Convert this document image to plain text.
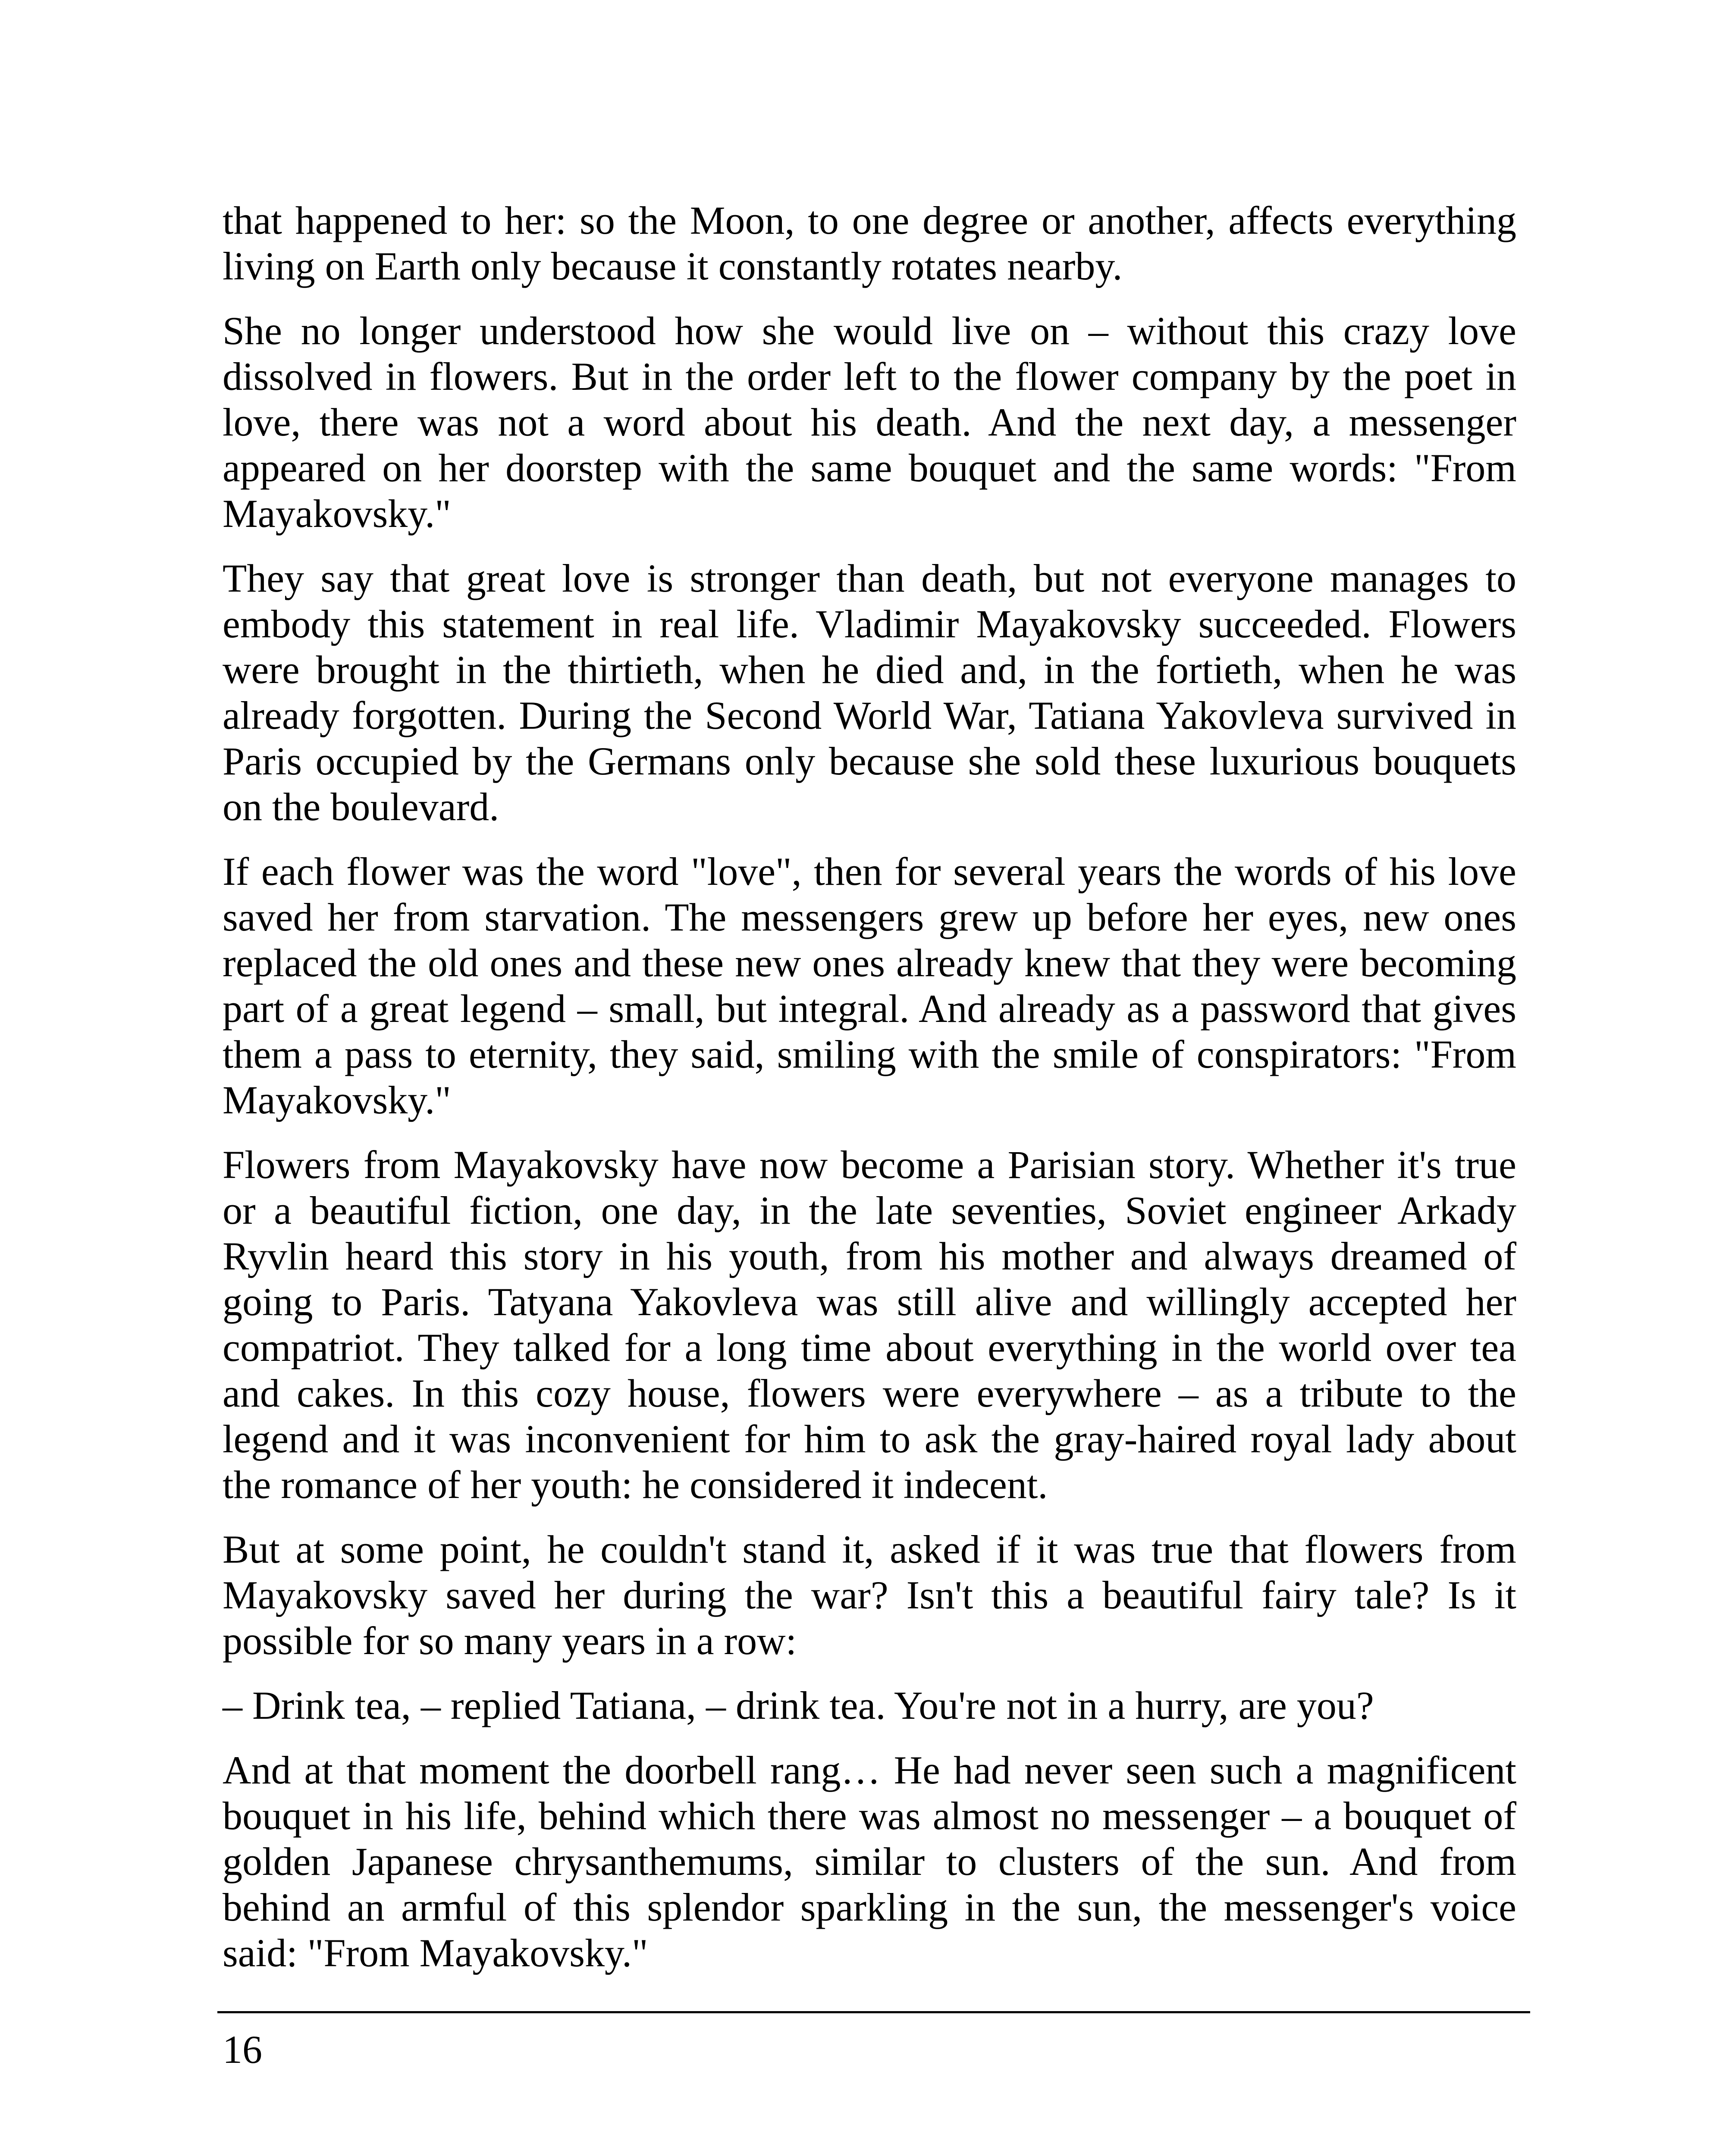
that happened to her: so the Moon, to one degree or another, affects everything living on Earth only because it constantly rotates nearby.

She no longer understood how she would live on – without this crazy love dissolved in flowers. But in the order left to the flower company by the poet in love, there was not a word about his death. And the next day, a messenger appeared on her doorstep with the same bouquet and the same words: "From Mayakovsky."

They say that great love is stronger than death, but not everyone manages to embody this statement in real life. Vladimir Mayakovsky succeeded. Flowers were brought in the thirtieth, when he died and, in the fortieth, when he was already forgotten. During the Second World War, Tatiana Yakovleva survived in Paris occupied by the Germans only because she sold these luxurious bouquets on the boulevard.

If each flower was the word "love", then for several years the words of his love saved her from starvation. The messengers grew up before her eyes, new ones replaced the old ones and these new ones already knew that they were becoming part of a great legend – small, but integral. And already as a password that gives them a pass to eternity, they said, smiling with the smile of conspirators: "From Mayakovsky."

Flowers from Mayakovsky have now become a Parisian story. Whether it's true or a beautiful fiction, one day, in the late seventies, Soviet engineer Arkady Ryvlin heard this story in his youth, from his mother and always dreamed of going to Paris. Tatyana Yakovleva was still alive and willingly accepted her compatriot. They talked for a long time about everything in the world over tea and cakes. In this cozy house, flowers were everywhere – as a tribute to the legend and it was inconvenient for him to ask the gray-haired royal lady about the romance of her youth: he considered it indecent.

But at some point, he couldn't stand it, asked if it was true that flowers from Mayakovsky saved her during the war? Isn't this a beautiful fairy tale? Is it possible for so many years in a row:

– Drink tea, – replied Tatiana, – drink tea. You're not in a hurry, are you?

And at that moment the doorbell rang… He had never seen such a magnificent bouquet in his life, behind which there was almost no messenger – a bouquet of golden Japanese chrysanthemums, similar to clusters of the sun. And from behind an armful of this splendor sparkling in the sun, the messenger's voice said: "From Mayakovsky."

16
